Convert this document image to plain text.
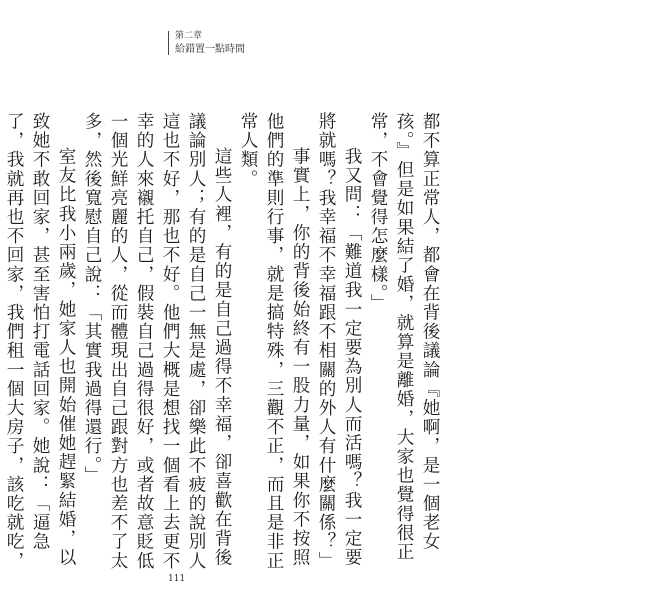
第二章
給錯置一點時間

都不算正常人，都會在背後議論『她啊，是一個老女孩。』但是如果結了婚，就算是離婚，大家也覺得很正常，不會覺得怎麼樣。」

我又問：「難道我一定要為別人而活嗎？我一定要將就嗎？我幸福不幸福跟不相關的外人有什麼關係？」

事實上，你的背後始終有一股力量，如果你不按照他們的準則行事，就是搞特殊，三觀不正，而且是非正常人類。

這些人裡，有的是自己過得不幸福，卻喜歡在背後議論別人；有的是自己一無是處，卻樂此不疲的說別人這也不好，那也不好。他們大概是想找一個看上去更不幸的人來襯托自己，假裝自己過得很好，或者故意貶低一個光鮮亮麗的人，從而體現出自己跟對方也差不了太多，然後寬慰自己說：「其實我過得還行。」

室友比我小兩歲，她家人也開始催她趕緊結婚，以致她不敢回家，甚至害怕打電話回家。她說：「逼急了，我就再也不回家，我們租一個大房子，該吃就吃，

111
